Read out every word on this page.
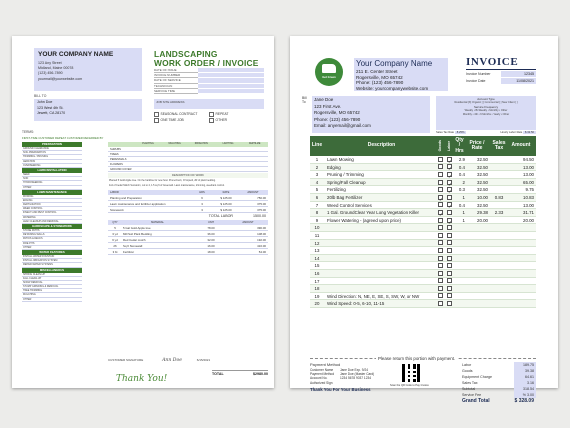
YOUR COMPANY NAME
123 Any Street
Midland, Maine 00078
(123) 456-7890
yourmail@yourwebsite.com
LANDSCAPING
WORK ORDER / INVOICE
DATE OF ISSUE
INVOICE NUMBER
DATE OF SERVICE
TECHNICIAN
SERVICE TIME
BILL TO
John Doe
123 West 4th St.
Jewett, CA 28170
JOB SITE ADDRESS
SEASONAL CONTRACT	REPEAT
ONE TIME JOB	OTHER
TERMS:
FIRST-TIME CUSTOMER REPEAT CUSTOMER REFERRED BY
PREPARATION
GROUND CLEARANCE
SOIL PREPARATION
TRIMMING / PRUNING
AERATION
OVERSEEDING
LAWN INSTALLATION
SEED
SOD
HYDROSEEDING
OTHER
LAWN MAINTENANCE
MOWING
EDGING
FERTILIZATION
WEED CONTROL
INSECT AND PEST CONTROL
WATERING
LEAF CLEANUP AND REMOVAL
HARDSCAPE & STONEWORK
STONE PATHS
RETAINING WALLS
PATIOS & DECKS
FIRE PITS
OTHER
WATER FEATURES
INSTALL WATER FOUNTAIN
INSTALL IRRIGATION SYSTEM
REPAIR WATER SYSTEMS
MISCELLANEOUS
SPRING CLEAN-UP
FALL CLEAN-UP
SNOW REMOVAL
STUMP GRINDING & REMOVAL
TREE TRIMMING
MULCHING
OTHER
PLANTING	MULCHING	IRRIGATION	LIGHTING	FERTILIZE
SHRUBS
TREES
PERENNIALS
FLOWERS
GROUND COVER
DESCRIPTION OF WORK
Planted 5 Gold Apple tree. On the hardline for new host. Prune/Cut/x, Of topsoil, 2R of plant bedding.
4x4 of Cedar Mulch Sunstorm, cut to 4, 1.5 sq ft of Greensoil. Lawn maintenance, trimming, weed/ant control.
LABOR	HRS	RATE	AMOUNT
Planting and Preparation	6	$ 125.00	750.00
Lawn maintenance and fertilizer application	3	$ 125.00	375.00
Stonework	3	$ 125.00	375.00
TOTAL LABOR	1500.00
QTY	MATERIAL	UNIT	AMOUNT
5	5 Gal Gold Apple tree	78.00	390.00
3 yd	Mill Soil Plant Bedding	36.00	108.00
6 yd	Red Cedar mulch	32.00	192.00
26	Sq ft Stonewall	16.00	416.00
3 bt	Fertilizer	18.00	54.00
CUSTOMER SIGNATURE	Ann Doe	6/15/2021
Thank You!	TOTAL	$2980.00
Get Green
Your Company Name
211 E. Center Street
Rogersville, MO 65742
Phone: (123) 456-7890
Website: yourcompanywebsite.com
INVOICE
Invoice Number	12345
Invoice Date	11/08/2021
Bill To	Jane Doe
123 First Ave.
Rogersville, MO 65742
Phone: (123) 456-7890
Email: anyemail@gmail.com
Account Type
Residential [X] Organic [ ] Commercial [ ] New Client [ ]
Service Frequency
Weekly • Bi-Weekly • Monthly • Other
Monthly • 4th • 6 Months • Yearly • Other
Sales Tax Rate 8.25%	Hourly Labor Rate $ 32.50
Line	Description	Goods	Labor
Qty / Hrs
Price / Rate
Sales Tax	Amount
1	Lawn Mowing	✓	2.9	32.50	94.50
2	Edging	✓	0.4	32.50	13.00
3	Pruning / Trimming	✓	0.4	32.50	13.00
4	Spring/Fall Cleanup	✓	2	32.50	65.00
5	Fertilizing	✓	0.3	32.50	9.75
6	20lb Bag Fertilizer	✓	1	10.00	0.83	10.83
7	Weed Control Services	✓	0.4	32.50	13.00
8	1 Gal. GroundClear Year Long Vegetation Killer	✓	1	29.38	2.33	31.71
9	Flower Watering - (agreed upon price)	✓	1	20.00	20.00
10
11
12
13
14
15
16
17
18
19	Wind Direction: N, NE, E, SE, S, SW, W, or NW
20	Wind Speed: 0-5, 6-10, 11-15
Please return this portion with payment.
Payment Method
Customer Name	Jane Doe Exp. 9/24
Payment Method	Jane Doe (Master Card)
Account No.	1234 5678 9037 1234
Authorized Sign
Thank You For Your Business
Scan the QR Code to Pay Invoice
Labor	189.75
Goods	39.38
Equipment Charge	64.61
Sales Tax	3.16
Subtotal	318.54
Service Fee	% 3.00
Grand Total	$ 328.09
